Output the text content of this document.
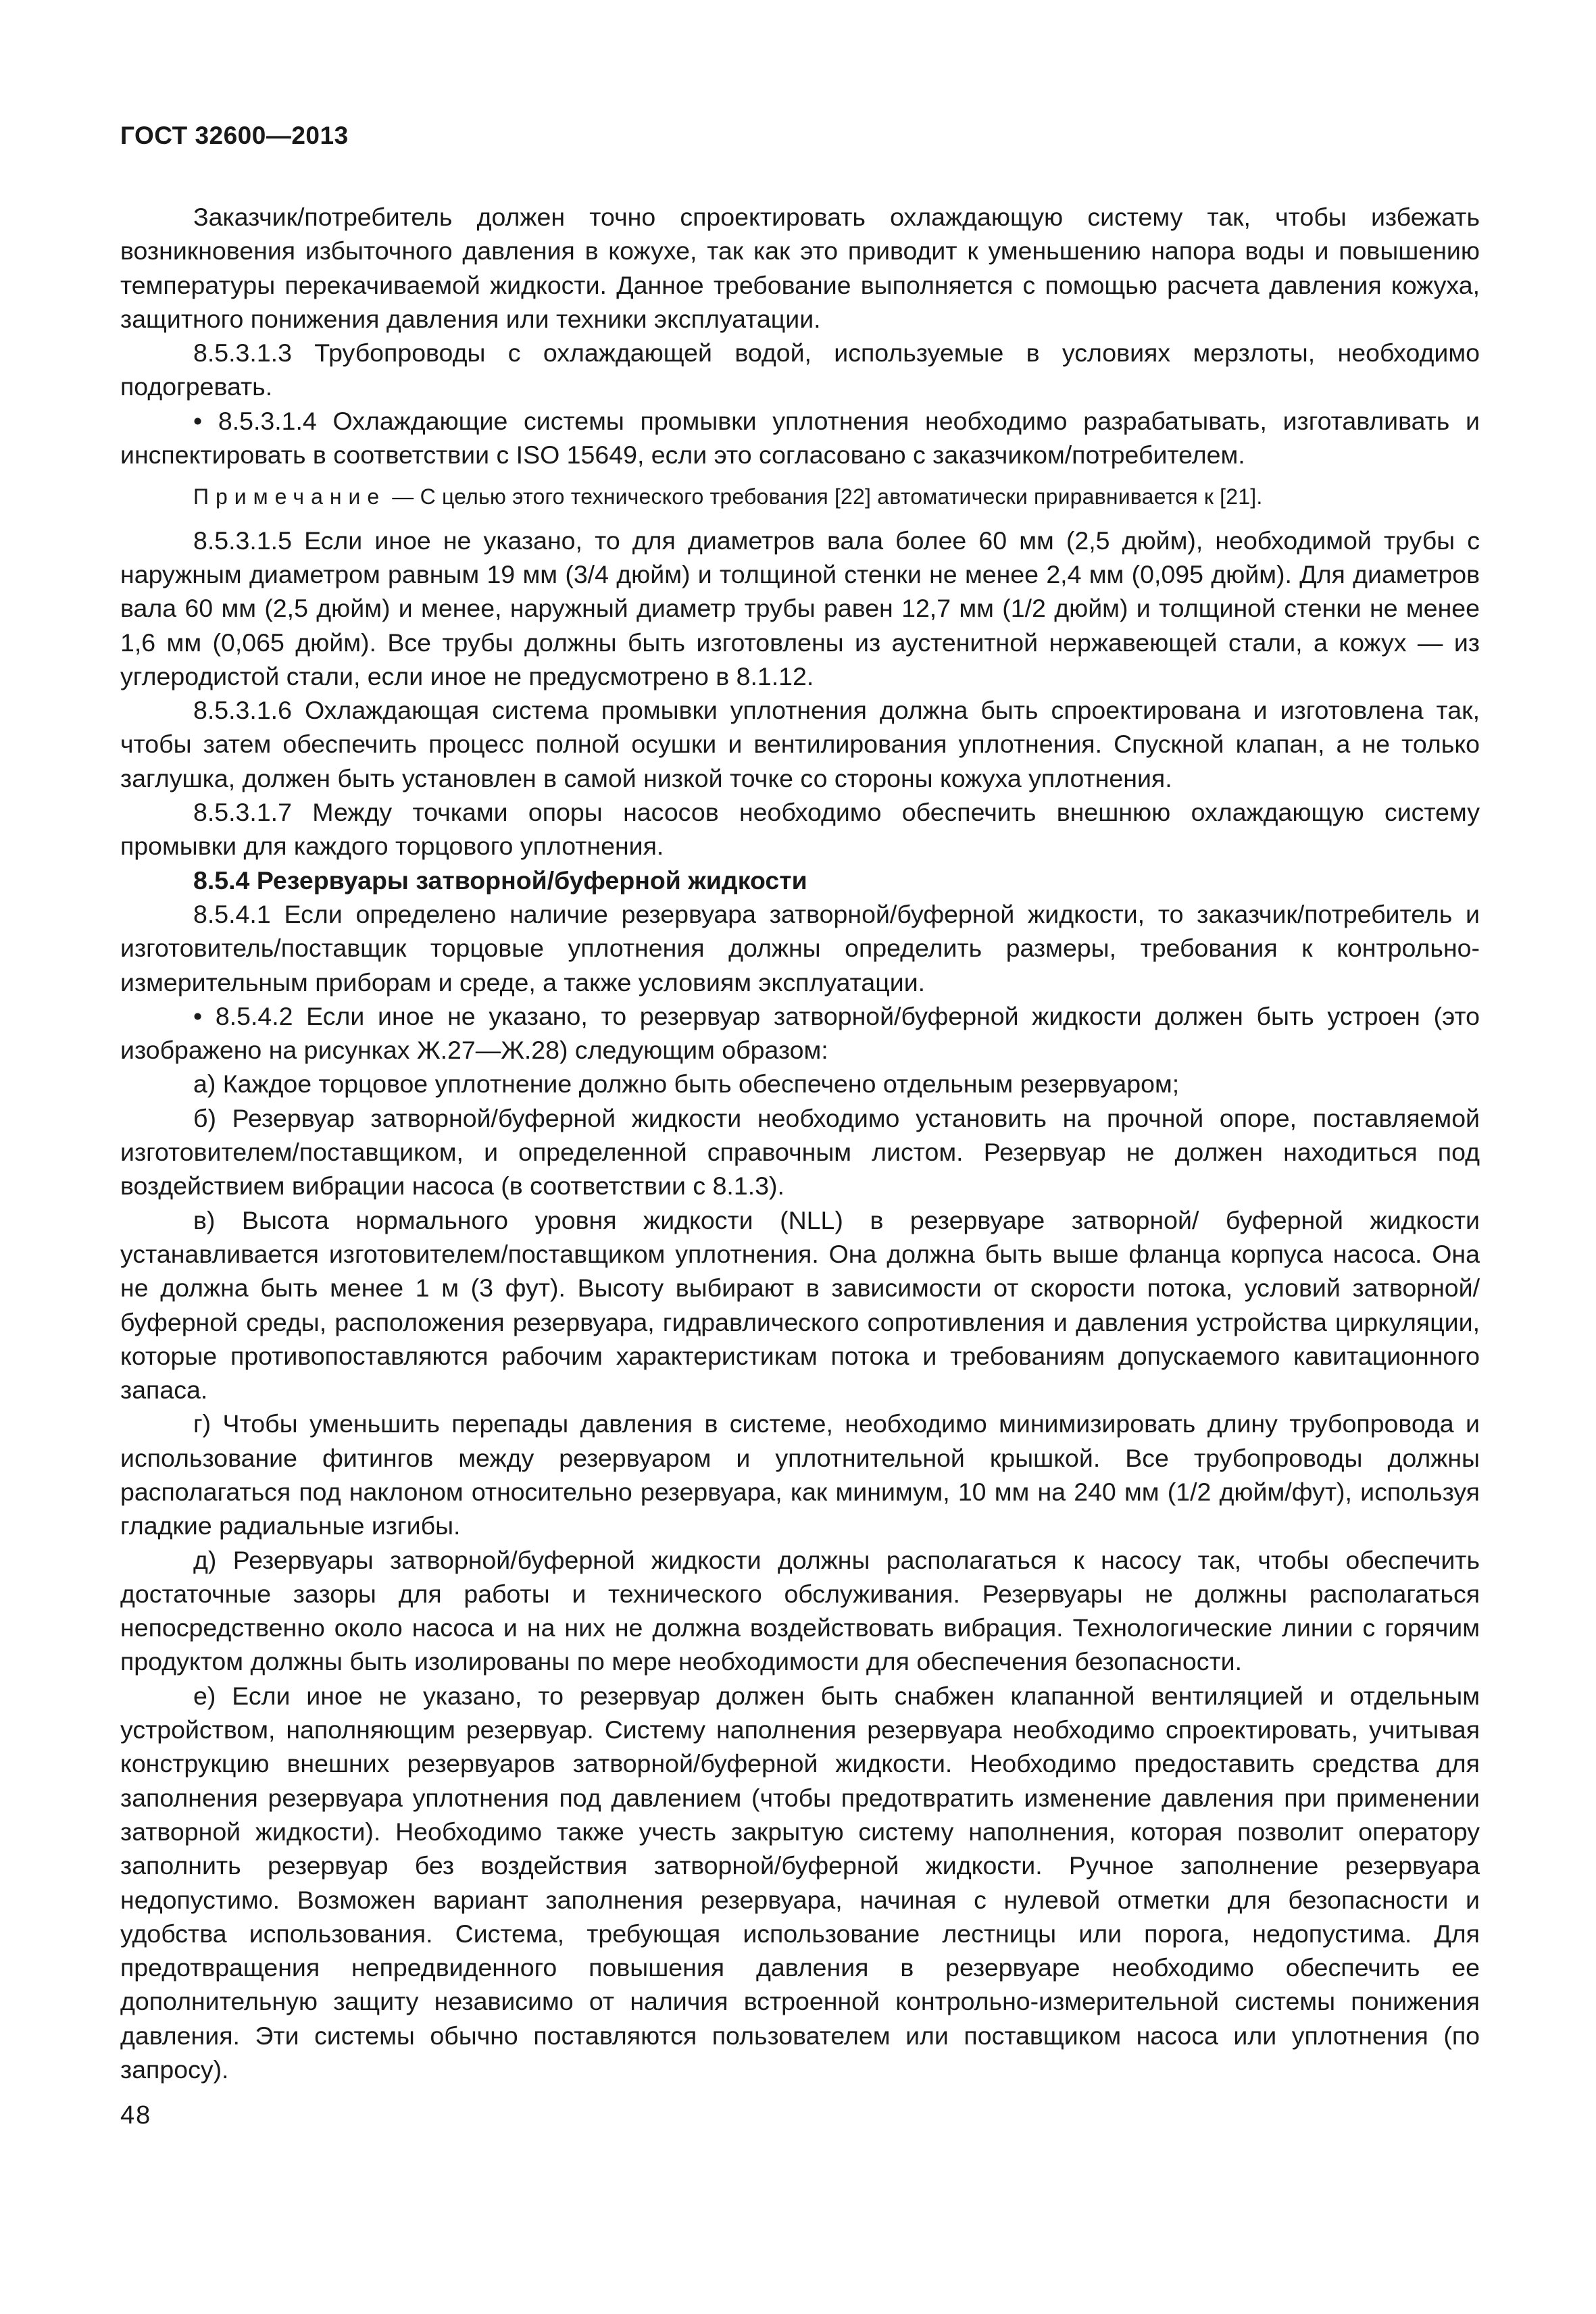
ГОСТ 32600—2013

Заказчик/потребитель должен точно спроектировать охлаждающую систему так, чтобы избежать возникновения избыточного давления в кожухе, так как это приводит к уменьшению напора воды и повышению температуры перекачиваемой жидкости. Данное требование выполняется с помощью расчета давления кожуха, защитного понижения давления или техники эксплуатации.

8.5.3.1.3 Трубопроводы с охлаждающей водой, используемые в условиях мерзлоты, необходимо подогревать.

• 8.5.3.1.4 Охлаждающие системы промывки уплотнения необходимо разрабатывать, изготавливать и инспектировать в соответствии с ISO 15649, если это согласовано с заказчиком/потребителем.

Примечание — С целью этого технического требования [22] автоматически приравнивается к [21].

8.5.3.1.5 Если иное не указано, то для диаметров вала более 60 мм (2,5 дюйм), необходимой трубы с наружным диаметром равным 19 мм (3/4 дюйм) и толщиной стенки не менее 2,4 мм (0,095 дюйм). Для диаметров вала 60 мм (2,5 дюйм) и менее, наружный диаметр трубы равен 12,7 мм (1/2 дюйм) и толщиной стенки не менее 1,6 мм (0,065 дюйм). Все трубы должны быть изготовлены из аустенитной нержавеющей стали, а кожух — из углеродистой стали, если иное не предусмотрено в 8.1.12.

8.5.3.1.6 Охлаждающая система промывки уплотнения должна быть спроектирована и изготовлена так, чтобы затем обеспечить процесс полной осушки и вентилирования уплотнения. Спускной клапан, а не только заглушка, должен быть установлен в самой низкой точке со стороны кожуха уплотнения.

8.5.3.1.7 Между точками опоры насосов необходимо обеспечить внешнюю охлаждающую систему промывки для каждого торцового уплотнения.

8.5.4 Резервуары затворной/буферной жидкости

8.5.4.1 Если определено наличие резервуара затворной/буферной жидкости, то заказчик/потребитель и изготовитель/поставщик торцовые уплотнения должны определить размеры, требования к контрольно-измерительным приборам и среде, а также условиям эксплуатации.

• 8.5.4.2 Если иное не указано, то резервуар затворной/буферной жидкости должен быть устроен (это изображено на рисунках Ж.27—Ж.28) следующим образом:

а) Каждое торцовое уплотнение должно быть обеспечено отдельным резервуаром;

б) Резервуар затворной/буферной жидкости необходимо установить на прочной опоре, поставляемой изготовителем/поставщиком, и определенной справочным листом. Резервуар не должен находиться под воздействием вибрации насоса (в соответствии с 8.1.3).

в) Высота нормального уровня жидкости (NLL) в резервуаре затворной/ буферной жидкости устанавливается изготовителем/поставщиком уплотнения. Она должна быть выше фланца корпуса насоса. Она не должна быть менее 1 м (3 фут). Высоту выбирают в зависимости от скорости потока, условий затворной/буферной среды, расположения резервуара, гидравлического сопротивления и давления устройства циркуляции, которые противопоставляются рабочим характеристикам потока и требованиям допускаемого кавитационного запаса.

г) Чтобы уменьшить перепады давления в системе, необходимо минимизировать длину трубопровода и использование фитингов между резервуаром и уплотнительной крышкой. Все трубопроводы должны располагаться под наклоном относительно резервуара, как минимум, 10 мм на 240 мм (1/2 дюйм/фут), используя гладкие радиальные изгибы.

д) Резервуары затворной/буферной жидкости должны располагаться к насосу так, чтобы обеспечить достаточные зазоры для работы и технического обслуживания. Резервуары не должны располагаться непосредственно около насоса и на них не должна воздействовать вибрация. Технологические линии с горячим продуктом должны быть изолированы по мере необходимости для обеспечения безопасности.

е) Если иное не указано, то резервуар должен быть снабжен клапанной вентиляцией и отдельным устройством, наполняющим резервуар. Систему наполнения резервуара необходимо спроектировать, учитывая конструкцию внешних резервуаров затворной/буферной жидкости. Необходимо предоставить средства для заполнения резервуара уплотнения под давлением (чтобы предотвратить изменение давления при применении затворной жидкости). Необходимо также учесть закрытую систему наполнения, которая позволит оператору заполнить резервуар без воздействия затворной/буферной жидкости. Ручное заполнение резервуара недопустимо. Возможен вариант заполнения резервуара, начиная с нулевой отметки для безопасности и удобства использования. Система, требующая использование лестницы или порога, недопустима. Для предотвращения непредвиденного повышения давления в резервуаре необходимо обеспечить ее дополнительную защиту независимо от наличия встроенной контрольно-измерительной системы понижения давления. Эти системы обычно поставляются пользователем или поставщиком насоса или уплотнения (по запросу).

48
